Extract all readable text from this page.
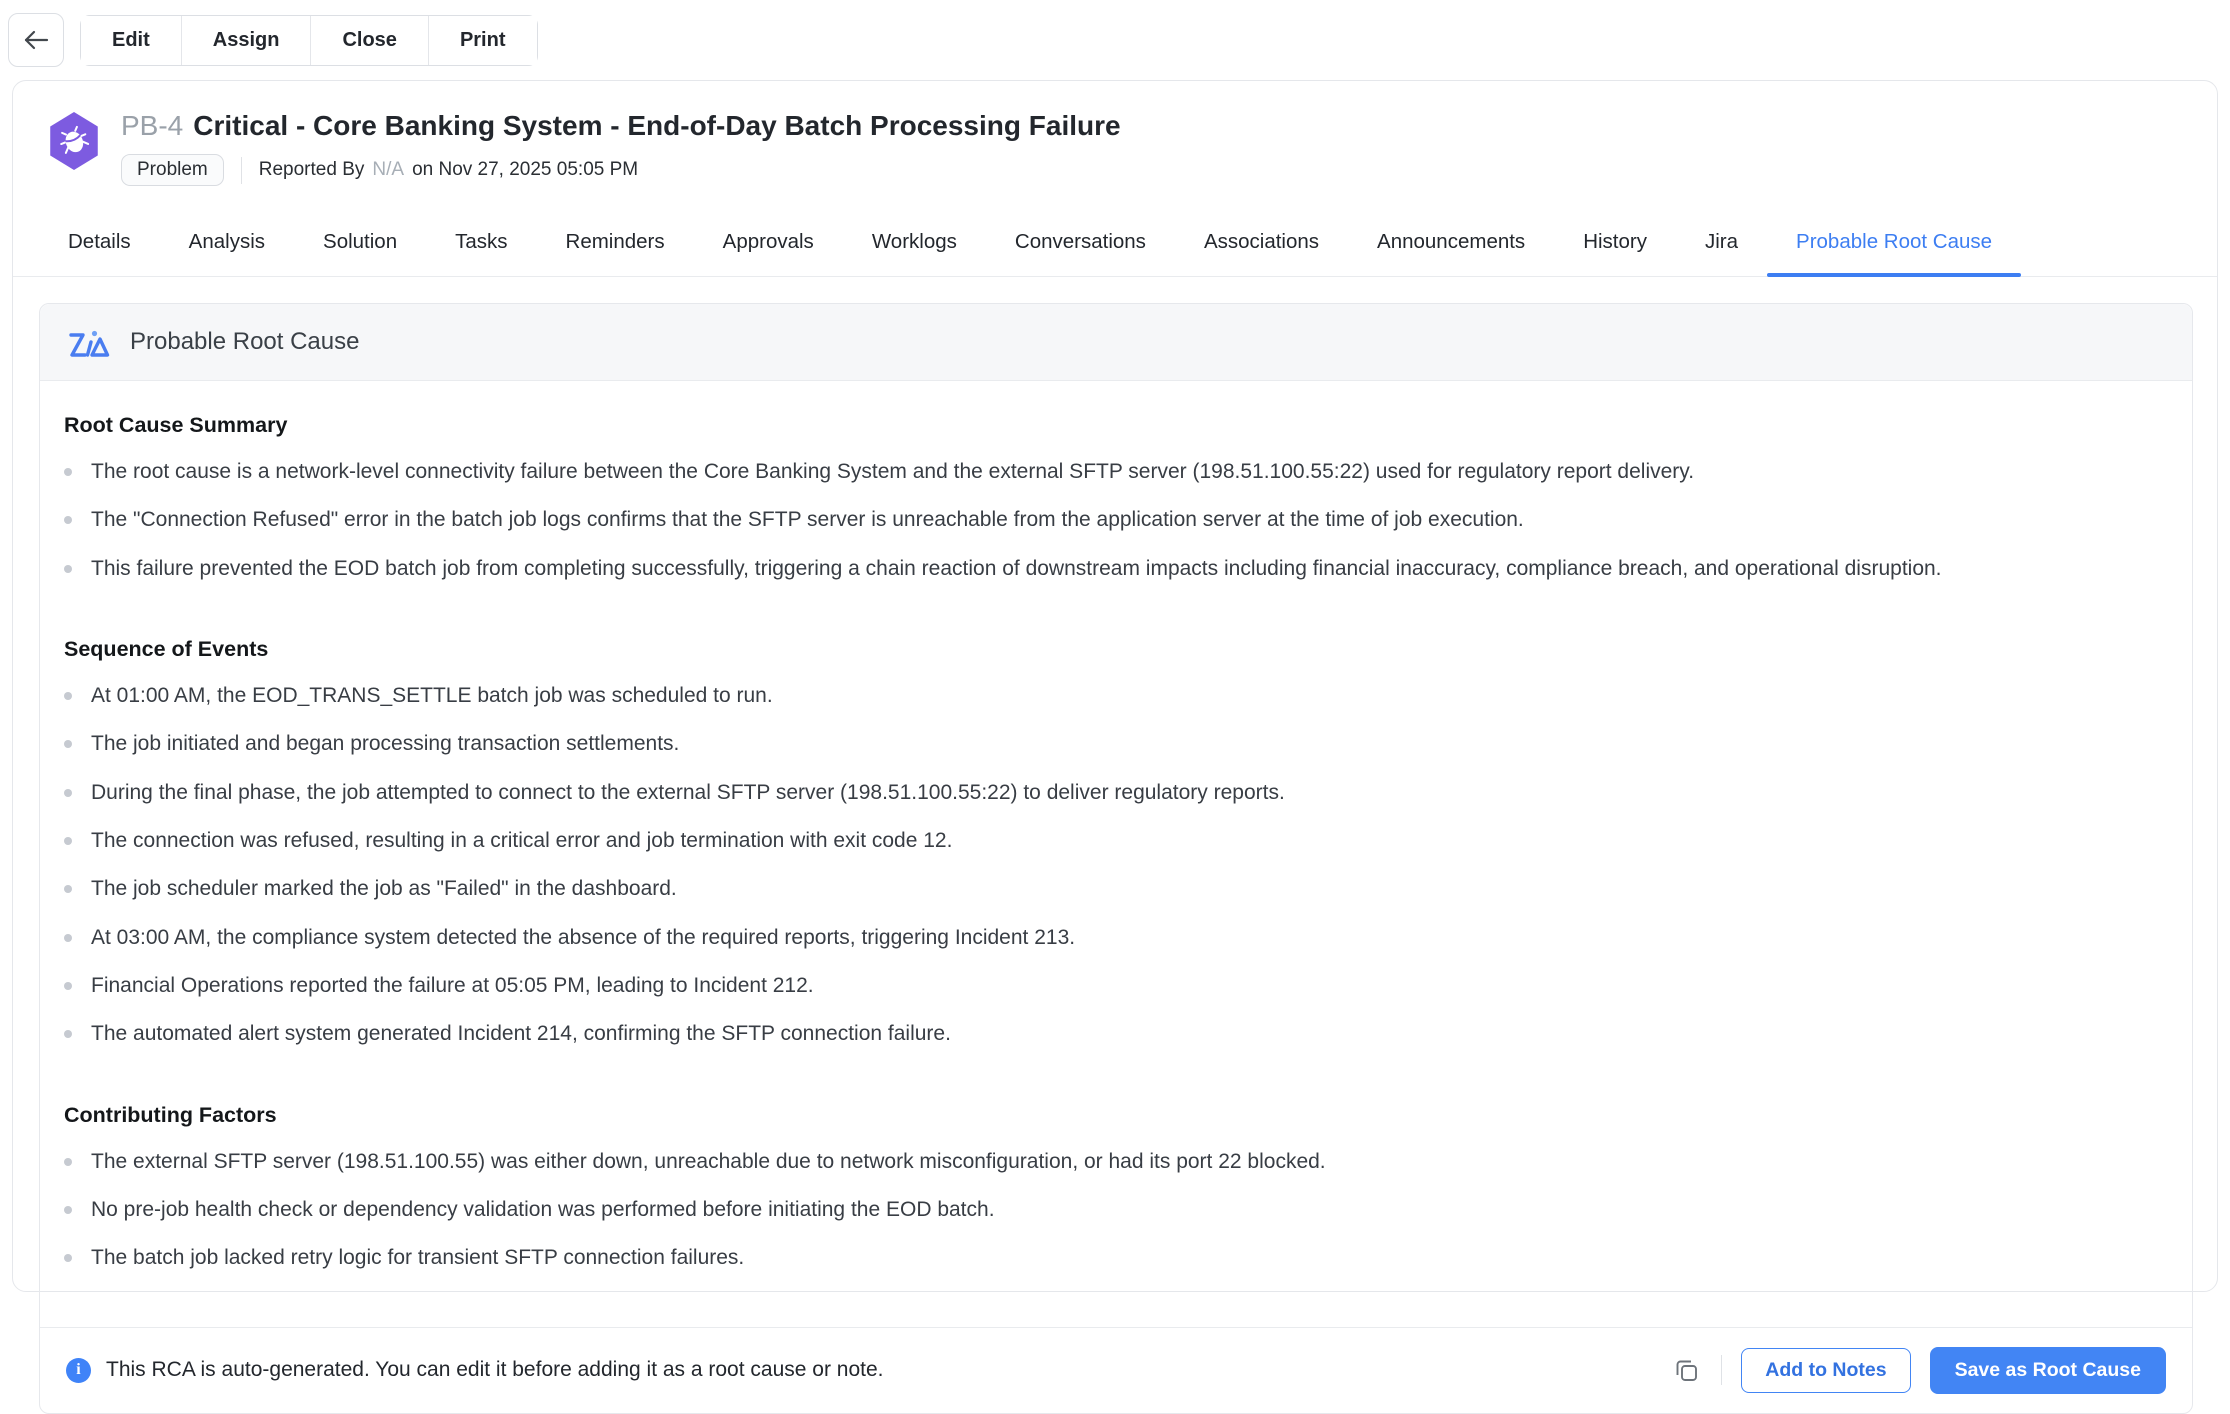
Edit	Assign	Close	Print
PB-4 Critical - Core Banking System - End-of-Day Batch Processing Failure
Problem	Reported By N/A on Nov 27, 2025 05:05 PM
Details	Analysis	Solution	Tasks	Reminders	Approvals	Worklogs	Conversations	Associations	Announcements	History	Jira	Probable Root Cause
Probable Root Cause
Root Cause Summary
The root cause is a network-level connectivity failure between the Core Banking System and the external SFTP server (198.51.100.55:22) used for regulatory report delivery.
The "Connection Refused" error in the batch job logs confirms that the SFTP server is unreachable from the application server at the time of job execution.
This failure prevented the EOD batch job from completing successfully, triggering a chain reaction of downstream impacts including financial inaccuracy, compliance breach, and operational disruption.
Sequence of Events
At 01:00 AM, the EOD_TRANS_SETTLE batch job was scheduled to run.
The job initiated and began processing transaction settlements.
During the final phase, the job attempted to connect to the external SFTP server (198.51.100.55:22) to deliver regulatory reports.
The connection was refused, resulting in a critical error and job termination with exit code 12.
The job scheduler marked the job as "Failed" in the dashboard.
At 03:00 AM, the compliance system detected the absence of the required reports, triggering Incident 213.
Financial Operations reported the failure at 05:05 PM, leading to Incident 212.
The automated alert system generated Incident 214, confirming the SFTP connection failure.
Contributing Factors
The external SFTP server (198.51.100.55) was either down, unreachable due to network misconfiguration, or had its port 22 blocked.
No pre-job health check or dependency validation was performed before initiating the EOD batch.
The batch job lacked retry logic for transient SFTP connection failures.
i	This RCA is auto-generated. You can edit it before adding it as a root cause or note.	Add to Notes	Save as Root Cause
